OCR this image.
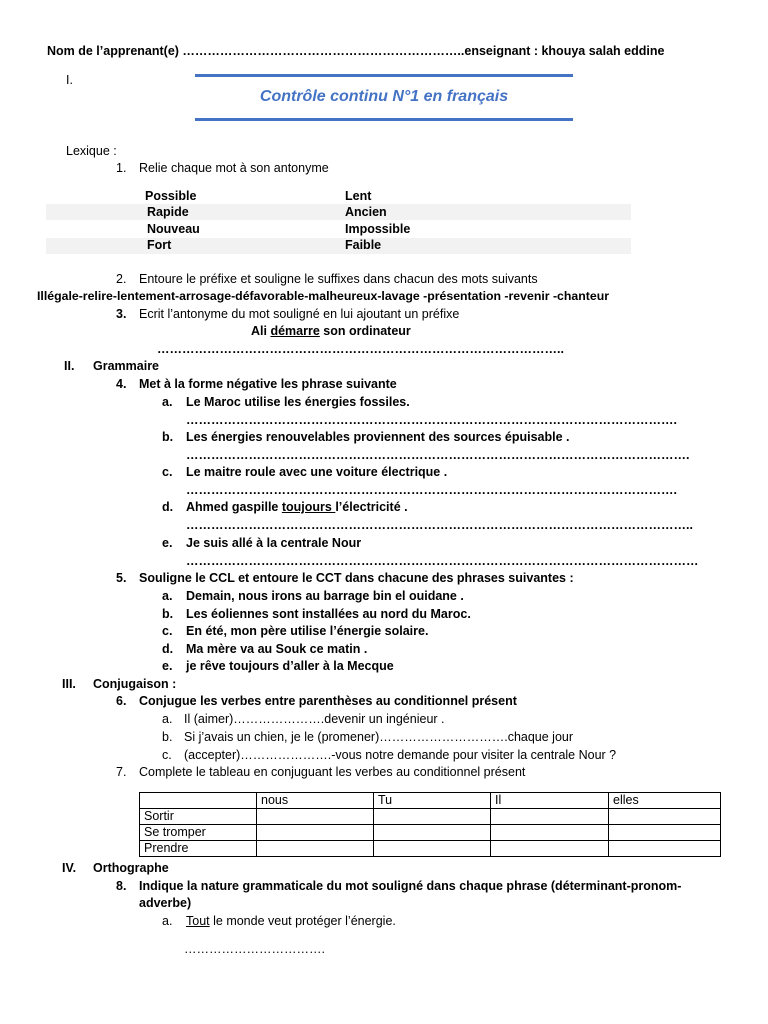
Nom de l’apprenant(e) …………………………………………………………..enseignant : khouya salah eddine
I.
Contrôle continu N°1 en français
Lexique :
1. Relie chaque mot à son antonyme
Possible	Lent
Rapide	Ancien
Nouveau	Impossible
Fort	Faible
2. Entoure le préfixe et souligne le suffixes dans chacun des mots suivants
Illégale-relire-lentement-arrosage-défavorable-malheureux-lavage -présentation -revenir -chanteur
3. Ecrit l’antonyme du mot souligné en lui ajoutant un préfixe
Ali démarre son ordinateur
……………………………………………………………………………………..
II. Grammaire
4. Met à la forme négative les phrase suivante
a. Le Maroc utilise les énergies fossiles.
……………………………………………………………………………………………………….
b. Les énergies renouvelables proviennent des sources épuisable .
………………………………………………………………………………………………………….
c. Le maitre roule avec une voiture électrique .
……………………………………………………………………………………………………….
d. Ahmed gaspille toujours l’électricité .
…………………………………………………………………………………………………………..
e. Je suis allé à la centrale Nour
……………………………………………………………………………………………………………
5. Souligne le CCL et entoure le CCT dans chacune des phrases suivantes :
a. Demain, nous irons au barrage bin el ouidane .
b. Les éoliennes sont installées au nord du Maroc.
c. En été, mon père utilise l’énergie solaire.
d. Ma mère va au Souk ce matin .
e. je rêve toujours d’aller à la Mecque
III. Conjugaison :
6. Conjugue les verbes entre parenthèses au conditionnel présent
a. Il (aimer)………………….devenir un ingénieur .
b. Si j’avais un chien, je le (promener)………………………….chaque jour
c. (accepter)………………….-vous notre demande pour visiter la centrale Nour ?
7. Complete le tableau en conjuguant les verbes au conditionnel présent
	nous	Tu	Il	elles
Sortir				
Se tromper				
Prendre				
IV. Orthographe
8. Indique la nature grammaticale du mot souligné dans chaque phrase (déterminant-pronom-
adverbe)
a. Tout le monde veut protéger l’énergie.
…………………………….
